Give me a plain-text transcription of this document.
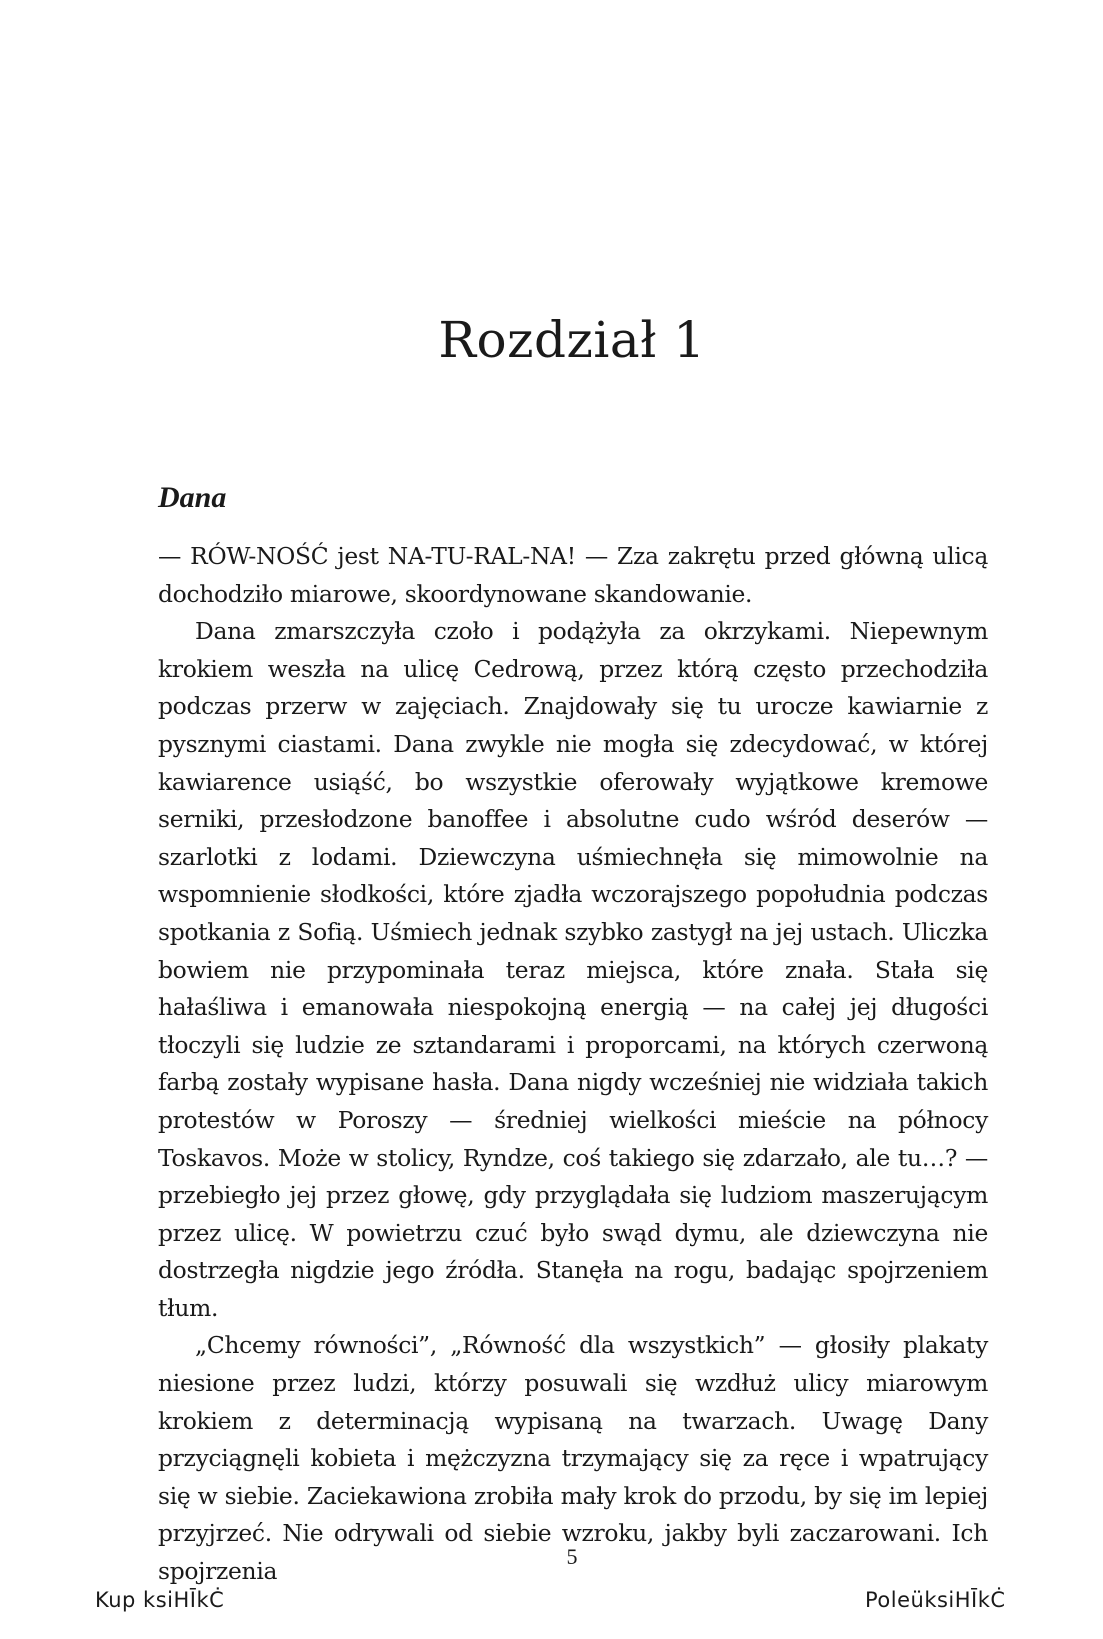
Rozdział 1
Dana

— RÓW-NOŚĆ jest NA-TU-RAL-NA! — Zza zakrętu przed główną ulicą dochodziło miarowe, skoordynowane skandowanie.

Dana zmarszczyła czoło i podążyła za okrzykami. Niepewnym krokiem weszła na ulicę Cedrową, przez którą często przechodziła podczas przerw w zajęciach. Znajdowały się tu urocze kawiarnie z pysznymi ciastami. Dana zwykle nie mogła się zdecydować, w której kawiarence usiąść, bo wszystkie oferowały wyjątkowe kremowe serniki, przesłodzone banoffee i absolutne cudo wśród deserów — szarlotki z lodami. Dziewczyna uśmiechnęła się mimowolnie na wspomnienie słodkości, które zjadła wczorajszego popołudnia podczas spotkania z Sofią. Uśmiech jednak szybko zastygł na jej ustach. Uliczka bowiem nie przypominała teraz miejsca, które znała. Stała się hałaśliwa i emanowała niespokojną energią — na całej jej długości tłoczyli się ludzie ze sztandarami i proporcami, na których czerwoną farbą zostały wypisane hasła. Dana nigdy wcześniej nie widziała takich protestów w Poroszy — średniej wielkości mieście na północy Toskavos. Może w stolicy, Ryndze, coś takiego się zdarzało, ale tu…? — przebiegło jej przez głowę, gdy przyglądała się ludziom maszerującym przez ulicę. W powietrzu czuć było swąd dymu, ale dziewczyna nie dostrzegła nigdzie jego źródła. Stanęła na rogu, badając spojrzeniem tłum.

„Chcemy równości”, „Równość dla wszystkich” — głosiły plakaty niesione przez ludzi, którzy posuwali się wzdłuż ulicy miarowym krokiem z determinacją wypisaną na twarzach. Uwagę Dany przyciągnęli kobieta i mężczyzna trzymający się za ręce i wpatrujący się w siebie. Zaciekawiona zrobiła mały krok do przodu, by się im lepiej przyjrzeć. Nie odrywali od siebie wzroku, jakby byli zaczarowani. Ich spojrzenia

5
Kup ksiHĪkĊ	PoleüksiHĪkĊ
